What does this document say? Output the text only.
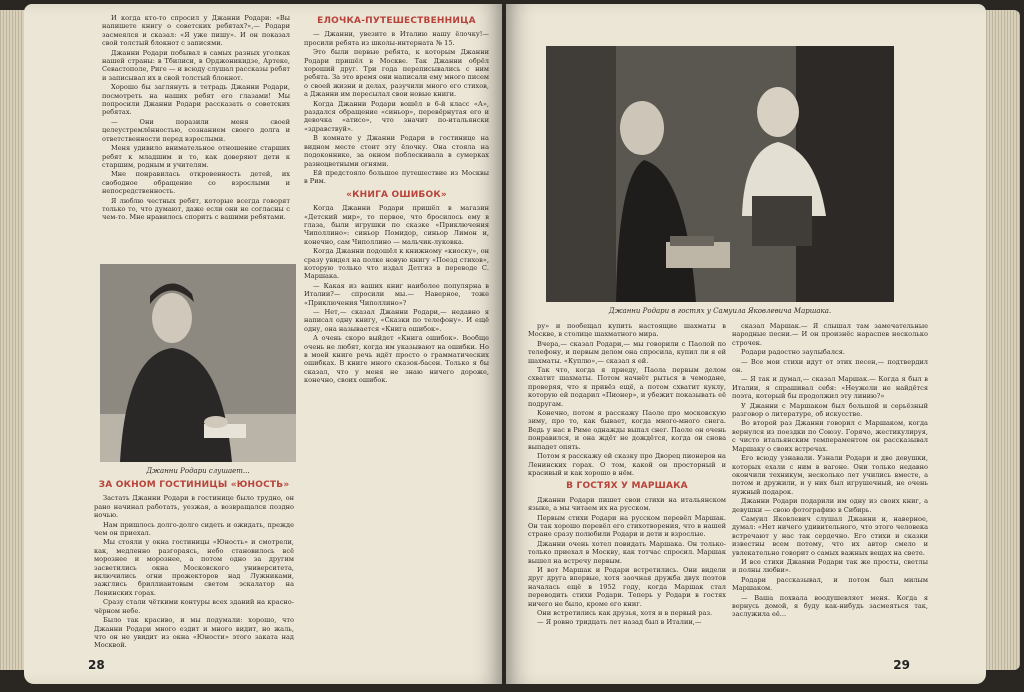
И когда кто-то спросил у Джанни Родари: «Вы напишете книгу о советских ребятах?»,— Родари засмеялся и сказал: «Я уже пишу». И он показал свой толстый блокнот с записями.

Джанни Родари побывал в самых разных уголках нашей страны: в Тбилиси, в Орджоникидзе, Артеке, Севастополе, Риге — и всюду слушал рассказы ребят и записывал их в свой толстый блокнот.

Хорошо бы заглянуть в тетрадь Джанни Родари, посмотреть на наших ребят его глазами! Мы попросили Джанни Родари рассказать о советских ребятах.

— Они поразили меня своей целеустремлённостью, сознанием своего долга и ответственности перед взрослыми.

Меня удивило внимательное отношение старших ребят к младшим и то, как доверяют дети к старшим, родным и учителям.

Мне понравилась откровенность детей, их свободное обращение со взрослыми и непосредственность.

Я люблю честных ребят, которые всегда говорят только то, что думают, даже если они не согласны с чем-то. Мне нравилось спорить с вашими ребятами.

ЕЛОЧКА-ПУТЕШЕСТВЕННИЦА

— Джанни, увезите в Италию нашу ёлочку!— просили ребята из школы-интерната № 15.

Это были первые ребята, к которым Джанни Родари пришёл в Москве. Так Джанни обрёл хороший друг. Три года переписывались с ним ребята. За это время они написали ему много писем о своей жизни и делах, разучили много его стихов, а Джанни им пересылал свои новые книги.

Когда Джанни Родари вошёл в 6-й класс «А», раздался обращение «синьор», перевёрнутая его и девочка «атисо», что значит по-итальянски «здравствуй».

В комнате у Джанни Родари в гостинице на видном месте стоит эту ёлочку. Она стояла на подоконнике, за окном поблескивала в сумерках разноцветными огнями.

Ей предстояло большое путешествие из Москвы в Рим.

«КНИГА ОШИБОК»

Когда Джанни Родари пришёл в магазин «Детский мир», то первое, что бросилось ему в глаза, были игрушки по сказке «Приключения Чиполлино»: синьор Помидор, синьор Лимон и, конечно, сам Чиполлино — мальчик-луковка.

Когда Джанни подошёл к книжному «киоску», он сразу увидел на полке новую книгу «Поезд стихов», которую только что издал Детгиз в переводе С. Маршака.

— Какая из ваших книг наиболее популярна в Италии?— спросили мы.— Наверное, тоже «Приключения Чиполлино»?

— Нет,— сказал Джанни Родари,— недавно я написал одну книгу, «Сказки по телефону». И ещё одну, она называется «Книга ошибок».

А очень скоро выйдет «Книга ошибок». Вообще очень не любят, когда им указывают на ошибки. Но в моей книге речь идёт просто о грамматических ошибках. В книге много сказок-басен. Только я бы сказал, что у меня не знаю ничего дороже, конечно, своих ошибок.

Джанни Родари слушает...
ЗА ОКНОМ ГОСТИНИЦЫ «ЮНОСТЬ»

Застать Джанни Родари в гостинице было трудно, он рано начинал работать, уезжая, а возвращался поздно ночью.

Нам пришлось долго-долго сидеть и ожидать, прежде чем он приехал.

Мы стояли у окна гостиницы «Юность» и смотрели, как, медленно разгораясь, небо становилось всё морознее и морознее, а потом одно за другим засветились окна Московского университета, включились огни прожекторов над Лужниками, зажглись бриллиантовым светом эскалатор на Ленинских горах.

Сразу стали чёткими контуры всех зданий на красно-чёрном небе.

Было так красиво, и мы подумали: хорошо, что Джанни Родари много ездит и много видит, но жаль, что он не увидит из окна «Юности» этого заката над Москвой.

28
Джанни Родари в гостях у Самуила Яковлевича Маршака.

ру» и пообещал купить настоящие шахматы в Москве, в столице шахматного мира.

Вчера,— сказал Родари,— мы говорили с Паолой по телефону, и первым делом она спросила, купил ли я ей шахматы. «Куплю»,— сказал я ей.

Так что, когда я приеду, Паола первым делом схватит шахматы. Потом начнёт рыться в чемодане, проверяя, что я привёз ещё, а потом схватит куклу, которую ей подарил «Пионер», и убежит показывать её подругам.

Конечно, потом я расскажу Паоле про московскую зиму, про то, как бывает, когда много-много снега. Ведь у нас в Риме однажды выпал снег. Паоле он очень понравился, и она ждёт не дождётся, когда он снова выпадет опять.

Потом я расскажу ей сказку про Дворец пионеров на Ленинских горах. О том, какой он просторный и красивый и как хорошо в нём.

В ГОСТЯХ У МАРШАКА

Джанни Родари пишет свои стихи на итальянском языке, а мы читаем их на русском.

Первым стихи Родари на русском перевёл Маршак. Он так хорошо перевёл его стихотворения, что в нашей стране сразу полюбили Родари и дети и взрослые.

Джанни очень хотел повидать Маршака. Он только-только приехал в Москву, как тотчас спросил. Маршак вышел на встречу первым.

И вот Маршак и Родари встретились. Они видели друг друга впервые, хотя заочная дружба двух поэтов началась ещё в 1952 году, когда Маршак стал переводить стихи Родари. Теперь у Родари в гостях ничего не было, кроме его книг.

Они встретились как друзья, хотя и в первый раз.

— Я ровно тридцать лет назад был в Италии,—

сказал Маршак.— Я слышал там замечательные народные песни.— И он произнёс нараспев несколько строчек.

Родари радостно заулыбался.

— Все мои стихи идут от этих песен,— подтвердил он.

— Я так и думал,— сказал Маршак.— Когда я был в Италии, я спрашивал себя: «Неужели не найдётся поэта, который бы продолжил эту линию?»

У Джанни с Маршаком был большой и серьёзный разговор о литературе, об искусстве.

Во второй раз Джанни говорил с Маршаком, когда вернулся из поездки по Союзу. Горячо, жестикулируя, с чисто итальянским темпераментом он рассказывал Маршаку о своих встречах.

Его всюду узнавали. Узнали Родари и две девушки, которых ехали с ним в вагоне. Они только недавно окончили техникум, несколько лет учились вместе, а потом и дружили, и у них был игрушечный, не очень нужный подарок.

Джанни Родари подарили им одну из своих книг, а девушки — свою фотографию в Сибирь.

Самуил Яковлевич слушал Джанни и, наверное, думал: «Нет ничего удивительного, что этого человека встречают у нас так сердечно. Его стихи и сказки известны всем потому, что их автор смело и увлекательно говорит о самых важных вещах на свете.

И все стихи Джанни Родари так же просты, светлы и полны любви».

Родари рассказывал, и потом был милым Маршаком.

— Ваша похвала воодушевляет меня. Когда я вернусь домой, я буду как-нибудь засмеяться так, заслужила её...

29
